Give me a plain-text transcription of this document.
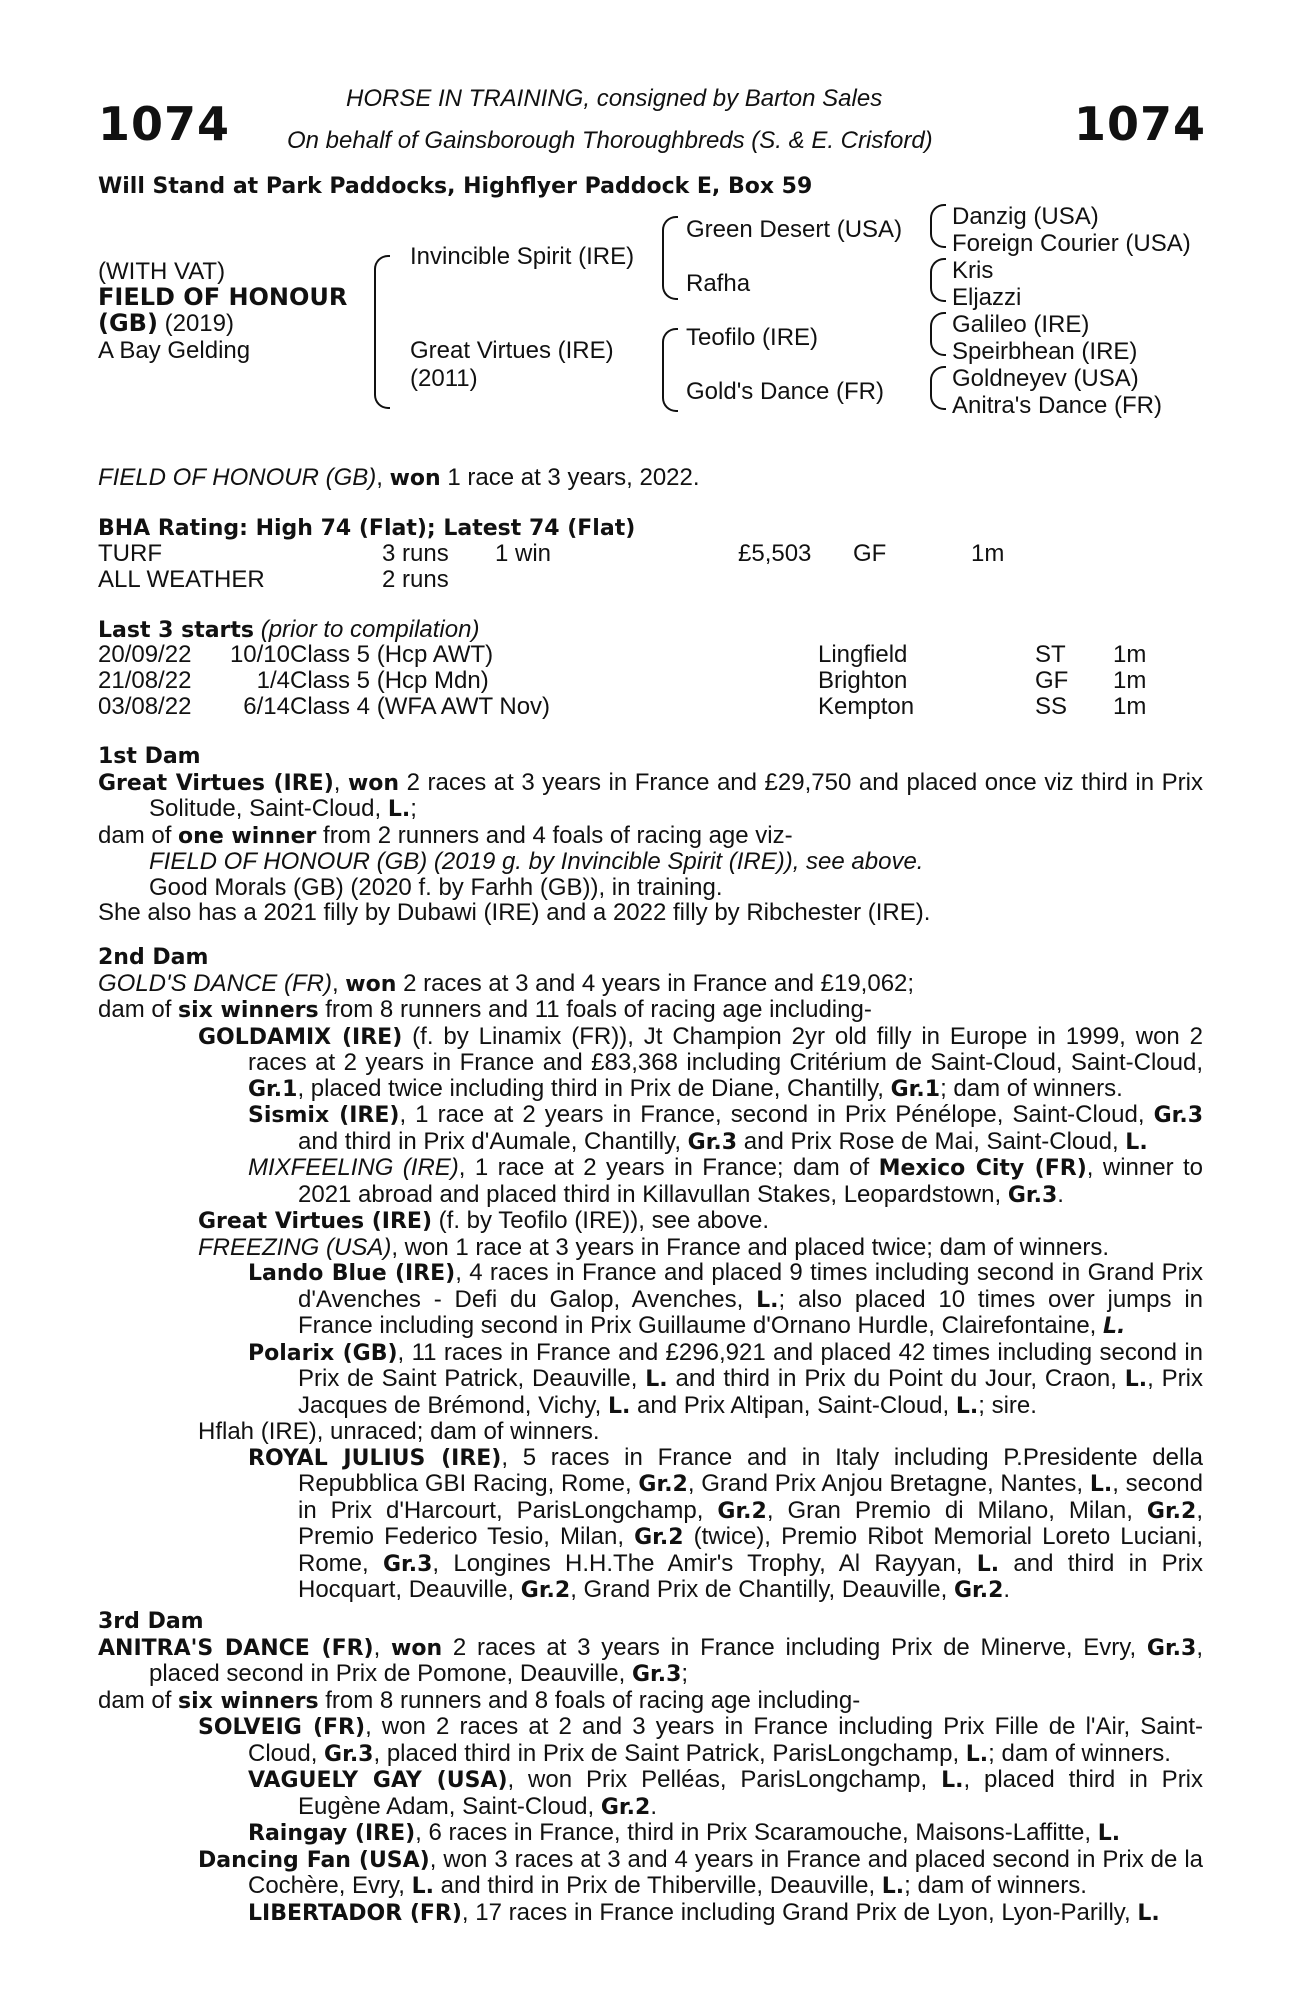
1074	1074
HORSE IN TRAINING, consigned by Barton Sales
On behalf of Gainsborough Thoroughbreds (S. & E. Crisford)
Will Stand at Park Paddocks, Highflyer Paddock E, Box 59
(WITH VAT)
FIELD OF HONOUR
(GB) (2019)
A Bay Gelding
Invincible Spirit (IRE)
Great Virtues (IRE)
(2011)
Green Desert (USA)
Rafha
Teofilo (IRE)
Gold's Dance (FR)
Danzig (USA)
Foreign Courier (USA)
Kris
Eljazzi
Galileo (IRE)
Speirbhean (IRE)
Goldneyev (USA)
Anitra's Dance (FR)
FIELD OF HONOUR (GB), won 1 race at 3 years, 2022.
BHA Rating: High 74 (Flat); Latest 74 (Flat)
TURF	3 runs 1 win	£5,503 GF	1m
ALL WEATHER	2 runs
Last 3 starts (prior to compilation)
20/09/22 10/10 Class 5 (Hcp AWT)	Lingfield	ST 1m
21/08/22	1/4 Class 5 (Hcp Mdn)	Brighton	GF 1m
03/08/22 6/14 Class 4 (WFA AWT Nov)	Kempton	SS 1m
1st Dam
Great Virtues (IRE), won 2 races at 3 years in France and £29,750 and placed once viz third in Prix Solitude, Saint-Cloud, L.;
dam of one winner from 2 runners and 4 foals of racing age viz-
FIELD OF HONOUR (GB) (2019 g. by Invincible Spirit (IRE)), see above.
Good Morals (GB) (2020 f. by Farhh (GB)), in training.
She also has a 2021 filly by Dubawi (IRE) and a 2022 filly by Ribchester (IRE).
2nd Dam
GOLD'S DANCE (FR), won 2 races at 3 and 4 years in France and £19,062;
dam of six winners from 8 runners and 11 foals of racing age including-
GOLDAMIX (IRE) (f. by Linamix (FR)), Jt Champion 2yr old filly in Europe in 1999, won 2 races at 2 years in France and £83,368 including Critérium de Saint-Cloud, Saint-Cloud, Gr.1, placed twice including third in Prix de Diane, Chantilly, Gr.1; dam of winners.
Sismix (IRE), 1 race at 2 years in France, second in Prix Pénélope, Saint-Cloud, Gr.3 and third in Prix d'Aumale, Chantilly, Gr.3 and Prix Rose de Mai, Saint-Cloud, L.
MIXFEELING (IRE), 1 race at 2 years in France; dam of Mexico City (FR), winner to 2021 abroad and placed third in Killavullan Stakes, Leopardstown, Gr.3.
Great Virtues (IRE) (f. by Teofilo (IRE)), see above.
FREEZING (USA), won 1 race at 3 years in France and placed twice; dam of winners.
Lando Blue (IRE), 4 races in France and placed 9 times including second in Grand Prix d'Avenches - Defi du Galop, Avenches, L.; also placed 10 times over jumps in France including second in Prix Guillaume d'Ornano Hurdle, Clairefontaine, L.
Polarix (GB), 11 races in France and £296,921 and placed 42 times including second in Prix de Saint Patrick, Deauville, L. and third in Prix du Point du Jour, Craon, L., Prix Jacques de Brémond, Vichy, L. and Prix Altipan, Saint-Cloud, L.; sire.
Hflah (IRE), unraced; dam of winners.
ROYAL JULIUS (IRE), 5 races in France and in Italy including P.Presidente della Repubblica GBI Racing, Rome, Gr.2, Grand Prix Anjou Bretagne, Nantes, L., second in Prix d'Harcourt, ParisLongchamp, Gr.2, Gran Premio di Milano, Milan, Gr.2, Premio Federico Tesio, Milan, Gr.2 (twice), Premio Ribot Memorial Loreto Luciani, Rome, Gr.3, Longines H.H.The Amir's Trophy, Al Rayyan, L. and third in Prix Hocquart, Deauville, Gr.2, Grand Prix de Chantilly, Deauville, Gr.2.
3rd Dam
ANITRA'S DANCE (FR), won 2 races at 3 years in France including Prix de Minerve, Evry, Gr.3, placed second in Prix de Pomone, Deauville, Gr.3;
dam of six winners from 8 runners and 8 foals of racing age including-
SOLVEIG (FR), won 2 races at 2 and 3 years in France including Prix Fille de l'Air, Saint-Cloud, Gr.3, placed third in Prix de Saint Patrick, ParisLongchamp, L.; dam of winners.
VAGUELY GAY (USA), won Prix Pelléas, ParisLongchamp, L., placed third in Prix Eugène Adam, Saint-Cloud, Gr.2.
Raingay (IRE), 6 races in France, third in Prix Scaramouche, Maisons-Laffitte, L.
Dancing Fan (USA), won 3 races at 3 and 4 years in France and placed second in Prix de la Cochère, Evry, L. and third in Prix de Thiberville, Deauville, L.; dam of winners.
LIBERTADOR (FR), 17 races in France including Grand Prix de Lyon, Lyon-Parilly, L.
